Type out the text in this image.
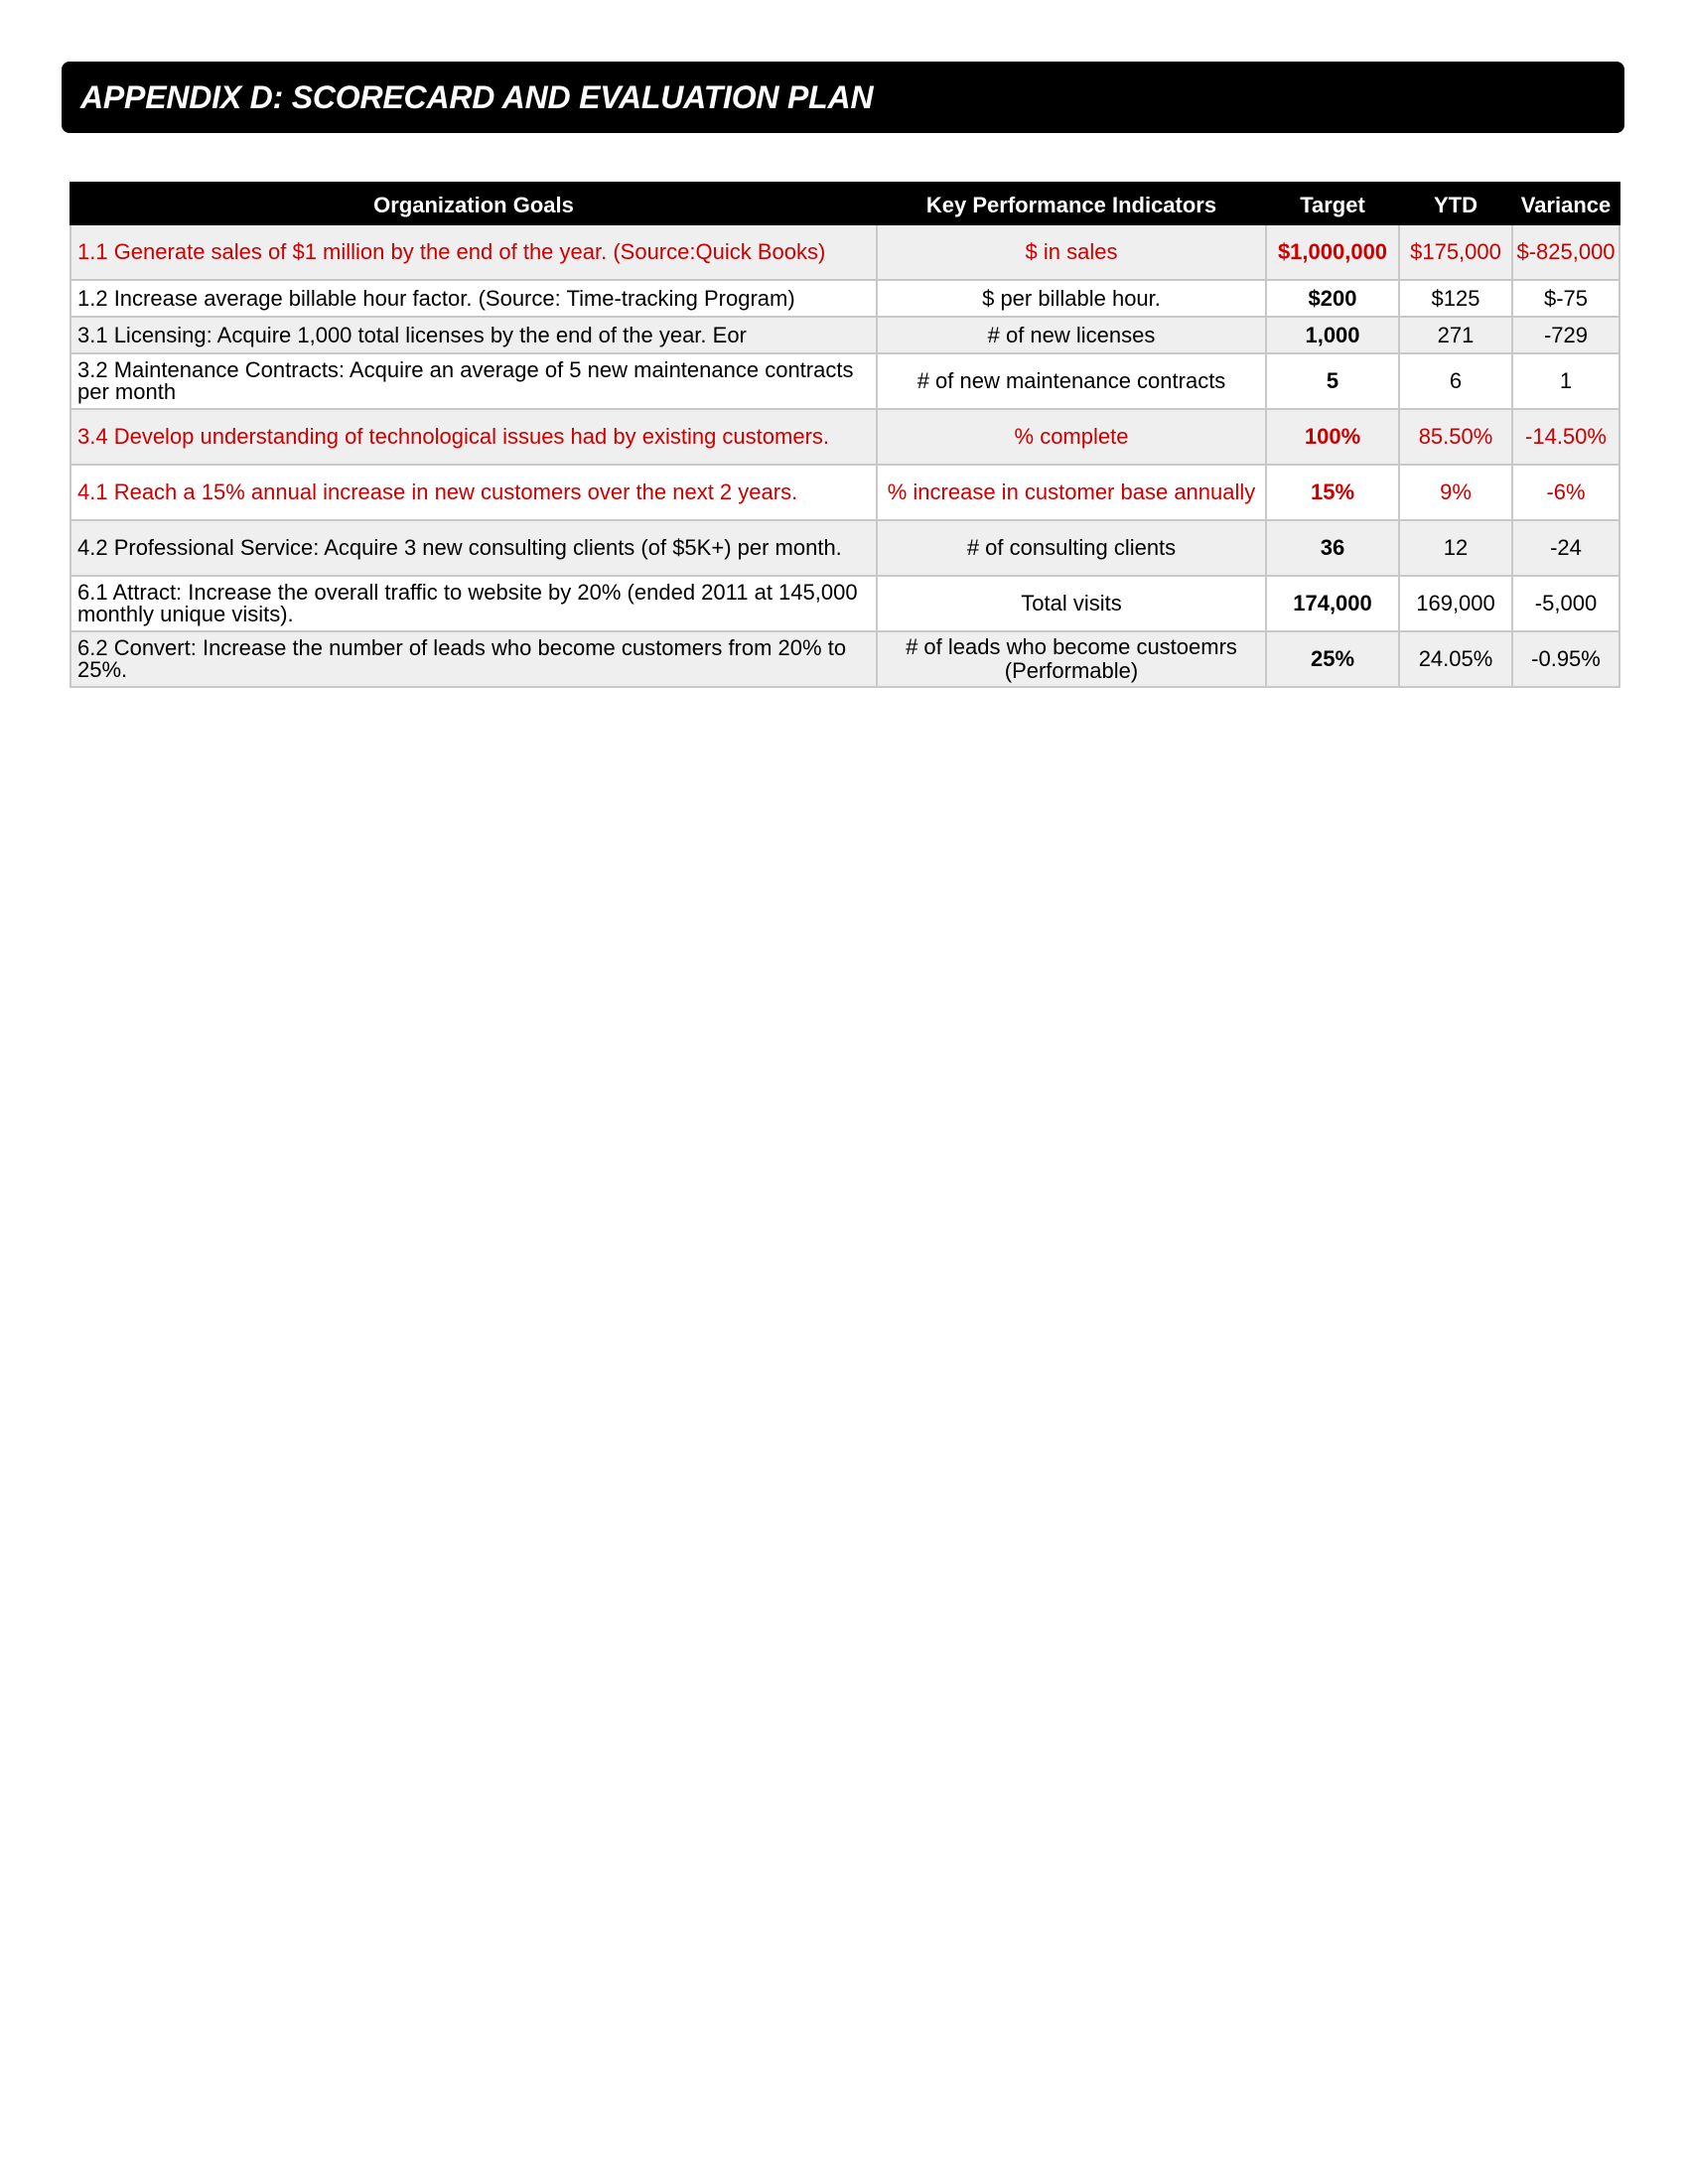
APPENDIX D: SCORECARD AND EVALUATION PLAN
Organization Goals	Key Performance Indicators	Target	YTD	Variance
1.1 Generate sales of $1 million by the end of the year. (Source:Quick Books)	$ in sales	$1,000,000	$175,000	$-825,000
1.2 Increase average billable hour factor. (Source: Time-tracking Program)	$ per billable hour.	$200	$125	$-75
3.1 Licensing: Acquire 1,000 total licenses by the end of the year. Eor	# of new licenses	1,000	271	-729
3.2 Maintenance Contracts: Acquire an average of 5 new maintenance contracts per month	# of new maintenance contracts	5	6	1
3.4 Develop understanding of technological issues had by existing customers.	% complete	100%	85.50%	-14.50%
4.1 Reach a 15% annual increase in new customers over the next 2 years.	% increase in customer base annually	15%	9%	-6%
4.2 Professional Service: Acquire 3 new consulting clients (of $5K+) per month.	# of consulting clients	36	12	-24
6.1 Attract: Increase the overall traffic to website by 20% (ended 2011 at 145,000 monthly unique visits).	Total visits	174,000	169,000	-5,000
6.2 Convert: Increase the number of leads who become customers from 20% to 25%.	# of leads who become custoemrs (Performable)	25%	24.05%	-0.95%
